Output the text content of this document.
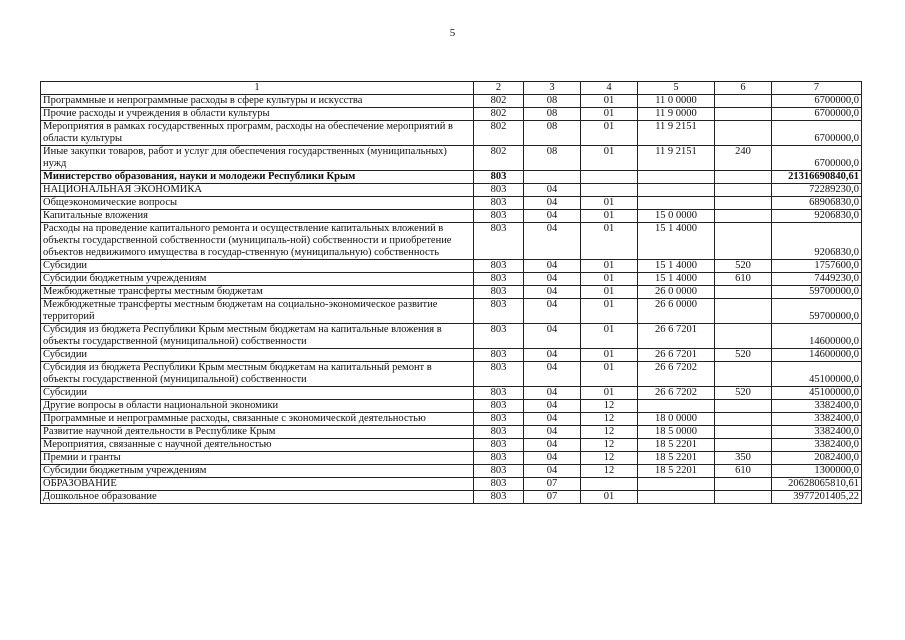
5
1	2	3	4	5	6	7
Программные и непрограммные расходы в сфере культуры и искусства	802	08	01	11 0 0000		6700000,0
Прочие расходы и учреждения в области культуры	802	08	01	11 9 0000		6700000,0
Мероприятия в рамках государственных программ, расходы на обеспечение мероприятий в области культуры	802	08	01	11 9 2151		6700000,0
Иные закупки товаров, работ и услуг для обеспечения государственных (муниципальных) нужд	802	08	01	11 9 2151	240	6700000,0
Министерство образования, науки и молодежи Республики Крым	803					21316690840,61
НАЦИОНАЛЬНАЯ ЭКОНОМИКА	803	04				72289230,0
Общеэкономические вопросы	803	04	01			68906830,0
Капитальные вложения	803	04	01	15 0 0000		9206830,0
Расходы на проведение капитального ремонта и осуществление капитальных вложений в объекты государственной собственности (муниципаль-ной) собственности и приобретение объектов недвижимого имущества в государ-ственную (муниципальную) собственность	803	04	01	15 1 4000		9206830,0
Субсидии	803	04	01	15 1 4000	520	1757600,0
Субсидии бюджетным учреждениям	803	04	01	15 1 4000	610	7449230,0
Межбюджетные трансферты местным бюджетам	803	04	01	26 0 0000		59700000,0
Межбюджетные трансферты местным бюджетам на социально-экономическое развитие территорий	803	04	01	26 6 0000		59700000,0
Субсидия из бюджета Республики Крым местным бюджетам на капитальные вложения в объекты государственной (муниципальной) собственности	803	04	01	26 6 7201		14600000,0
Субсидии	803	04	01	26 6 7201	520	14600000,0
Субсидия из бюджета Республики Крым местным бюджетам на капитальный ремонт в объекты государственной (муниципальной) собственности	803	04	01	26 6 7202		45100000,0
Субсидии	803	04	01	26 6 7202	520	45100000,0
Другие вопросы в области национальной экономики	803	04	12			3382400,0
Программные и непрограммные расходы, связанные с экономической деятельностью	803	04	12	18 0 0000		3382400,0
Развитие научной деятельности в Республике Крым	803	04	12	18 5 0000		3382400,0
Мероприятия, связанные с научной деятельностью	803	04	12	18 5 2201		3382400,0
Премии и гранты	803	04	12	18 5 2201	350	2082400,0
Субсидии бюджетным учреждениям	803	04	12	18 5 2201	610	1300000,0
ОБРАЗОВАНИЕ	803	07				20628065810,61
Дошкольное образование	803	07	01			3977201405,22
